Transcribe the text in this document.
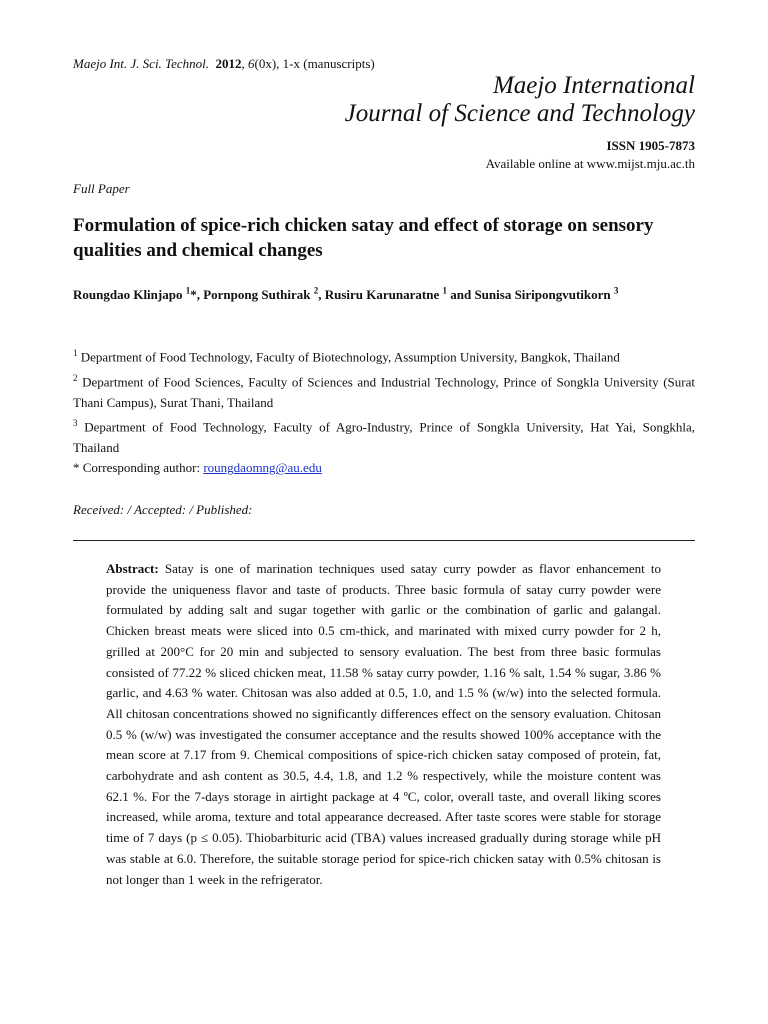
Maejo Int. J. Sci. Technol. 2012, 6(0x), 1-x (manuscripts)
Maejo International
Journal of Science and Technology
ISSN 1905-7873
Available online at www.mijst.mju.ac.th
Full Paper
Formulation of spice-rich chicken satay and effect of storage on sensory qualities and chemical changes
Roungdao Klinjapo $^1$*, Pornpong Suthirak $^2$, Rusiru Karunaratne $^1$ and Sunisa Siripongvutikorn $^3$
$^1$ Department of Food Technology, Faculty of Biotechnology, Assumption University, Bangkok, Thailand
$^2$ Department of Food Sciences, Faculty of Sciences and Industrial Technology, Prince of Songkla University (Surat Thani Campus), Surat Thani, Thailand
$^3$ Department of Food Technology, Faculty of Agro-Industry, Prince of Songkla University, Hat Yai, Songkhla, Thailand
* Corresponding author: roungdaomng@au.edu
Received: / Accepted: / Published:
Abstract: Satay is one of marination techniques used satay curry powder as flavor enhancement to provide the uniqueness flavor and taste of products. Three basic formula of satay curry powder were formulated by adding salt and sugar together with garlic or the combination of garlic and galangal. Chicken breast meats were sliced into 0.5 cm-thick, and marinated with mixed curry powder for 2 h, grilled at 200°C for 20 min and subjected to sensory evaluation. The best from three basic formulas consisted of 77.22 % sliced chicken meat, 11.58 % satay curry powder, 1.16 % salt, 1.54 % sugar, 3.86 % garlic, and 4.63 % water. Chitosan was also added at 0.5, 1.0, and 1.5 % (w/w) into the selected formula. All chitosan concentrations showed no significantly differences effect on the sensory evaluation. Chitosan 0.5 % (w/w) was investigated the consumer acceptance and the results showed 100% acceptance with the mean score at 7.17 from 9. Chemical compositions of spice-rich chicken satay composed of protein, fat, carbohydrate and ash content as 30.5, 4.4, 1.8, and 1.2 % respectively, while the moisture content was 62.1 %. For the 7-days storage in airtight package at 4 ºC, color, overall taste, and overall liking scores increased, while aroma, texture and total appearance decreased. After taste scores were stable for storage time of 7 days (p ≤ 0.05). Thiobarbituric acid (TBA) values increased gradually during storage while pH was stable at 6.0. Therefore, the suitable storage period for spice-rich chicken satay with 0.5% chitosan is not longer than 1 week in the refrigerator.
